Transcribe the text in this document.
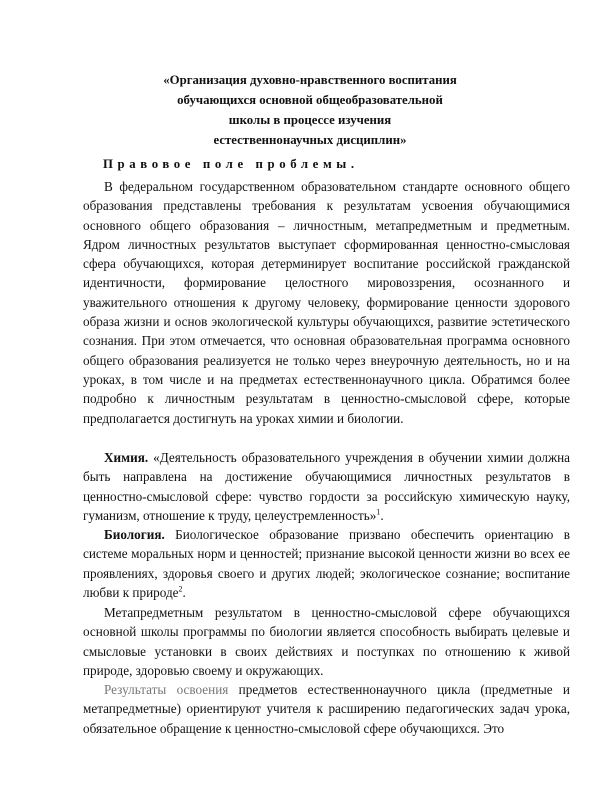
«Организация духовно-нравственного воспитания
обучающихся основной общеобразовательной
школы в процессе изучения
естественнонаучных дисциплин»
Правовое поле проблемы.

В федеральном государственном образовательном стандарте основного общего образования представлены требования к результатам усвоения обучающимися основного общего образования – личностным, метапредметным и предметным. Ядром личностных результатов выступает сформированная ценностно-смысловая сфера обучающихся, которая детерминирует воспитание российской гражданской идентичности, формирование целостного мировоззрения, осознанного и уважительного отношения к другому человеку, формирование ценности здорового образа жизни и основ экологической культуры обучающихся, развитие эстетического сознания. При этом отмечается, что основная образовательная программа основного общего образования реализуется не только через внеурочную деятельность, но и на уроках, в том числе и на предметах естественнонаучного цикла. Обратимся более подробно к личностным результатам в ценностно-смысловой сфере, которые предполагается достигнуть на уроках химии и биологии.

Химия. «Деятельность образовательного учреждения в обучении химии должна быть направлена на достижение обучающимися личностных результатов в ценностно-смысловой сфере: чувство гордости за российскую химическую науку, гуманизм, отношение к труду, целеустремленность»$^1$.

Биология. Биологическое образование призвано обеспечить ориентацию в системе моральных норм и ценностей; признание высокой ценности жизни во всех ее проявлениях, здоровья своего и других людей; экологическое сознание; воспитание любви к природе$^2$.

Метапредметным результатом в ценностно-смысловой сфере обучающихся основной школы программы по биологии является способность выбирать целевые и смысловые установки в своих действиях и поступках по отношению к живой природе, здоровью своему и окружающих.

Результаты освоения предметов естественнонаучного цикла (предметные и метапредметные) ориентируют учителя к расширению педагогических задач урока, обязательное обращение к ценностно-смысловой сфере обучающихся. Это
